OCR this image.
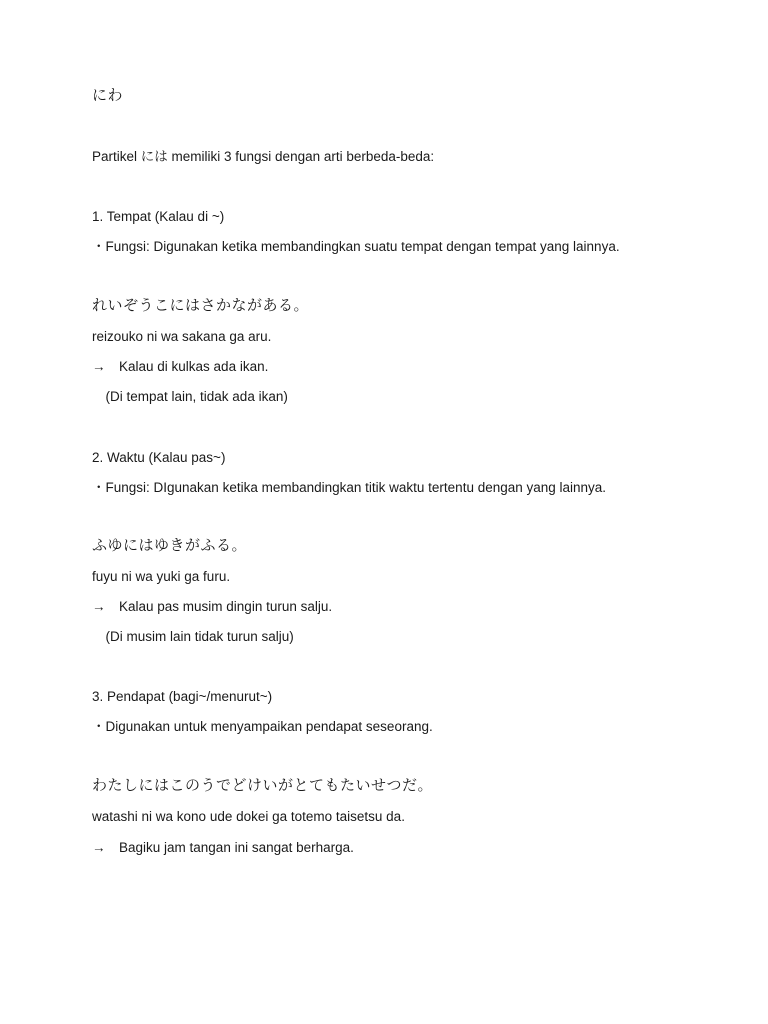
にわ
Partikel には memiliki 3 fungsi dengan arti berbeda-beda:
1. Tempat (Kalau di ~)
・Fungsi: Digunakan ketika membandingkan suatu tempat dengan tempat yang lainnya.
れいぞうこにはさかながある。
reizouko ni wa sakana ga aru.
→　Kalau di kulkas ada ikan.
　(Di tempat lain, tidak ada ikan)
2. Waktu (Kalau pas~)
・Fungsi: DIgunakan ketika membandingkan titik waktu tertentu dengan yang lainnya.
ふゆにはゆきがふる。
fuyu ni wa yuki ga furu.
→　Kalau pas musim dingin turun salju.
　(Di musim lain tidak turun salju)
3. Pendapat (bagi~/menurut~)
・Digunakan untuk menyampaikan pendapat seseorang.
わたしにはこのうでどけいがとてもたいせつだ。
watashi ni wa kono ude dokei ga totemo taisetsu da.
→　Bagiku jam tangan ini sangat berharga.
